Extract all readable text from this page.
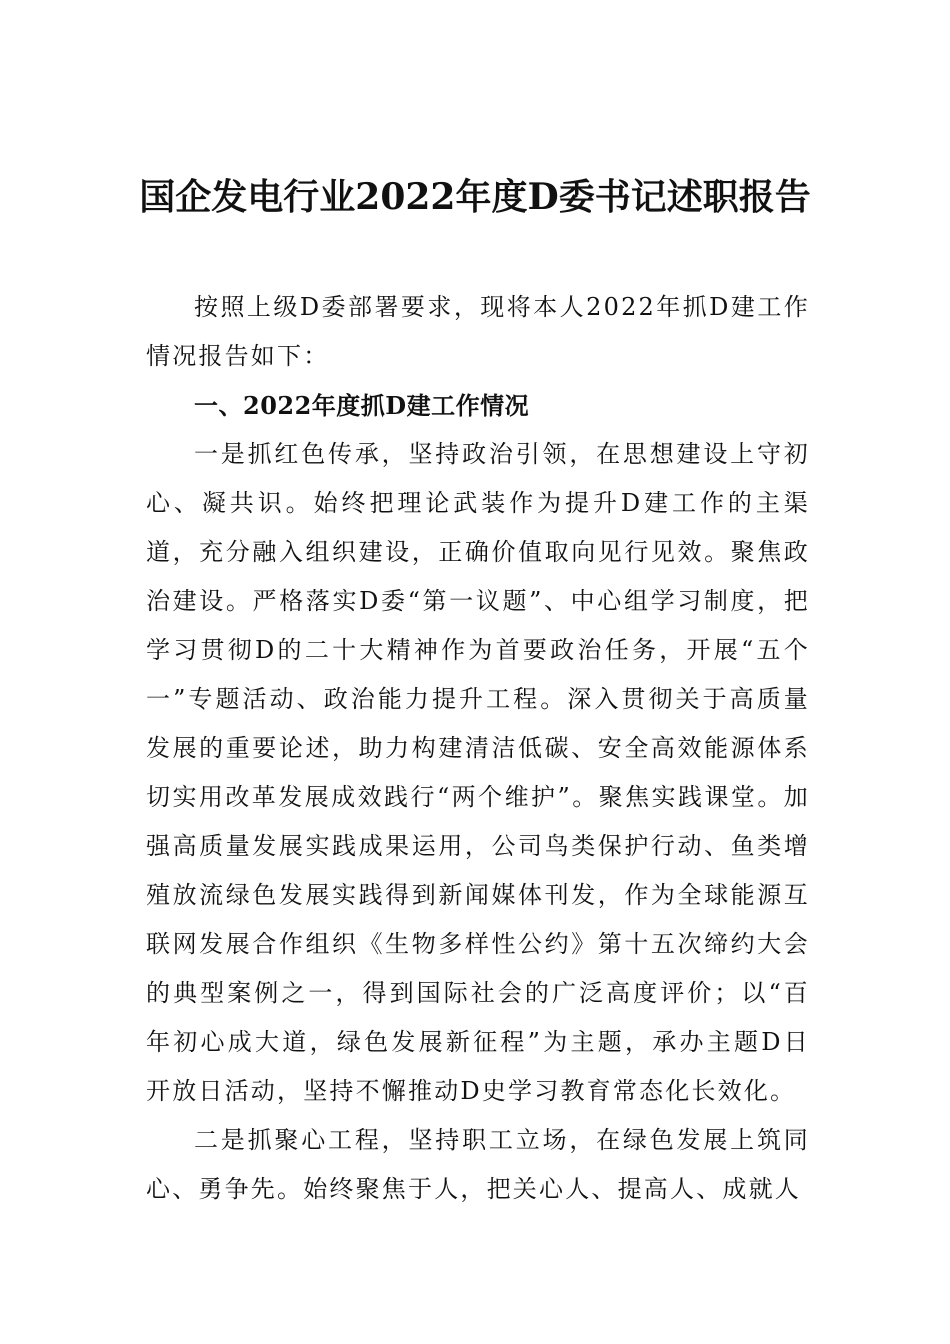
国企发电行业2022年度D委书记述职报告

按照上级D委部署要求，现将本人2022年抓D建工作情况报告如下：

一、2022年度抓D建工作情况

一是抓红色传承，坚持政治引领，在思想建设上守初心、凝共识。始终把理论武装作为提升D建工作的主渠道，充分融入组织建设，正确价值取向见行见效。聚焦政治建设。严格落实D委“第一议题”、中心组学习制度，把学习贯彻D的二十大精神作为首要政治任务，开展“五个一”专题活动、政治能力提升工程。深入贯彻关于高质量发展的重要论述，助力构建清洁低碳、安全高效能源体系切实用改革发展成效践行“两个维护”。聚焦实践课堂。加强高质量发展实践成果运用，公司鸟类保护行动、鱼类增殖放流绿色发展实践得到新闻媒体刊发，作为全球能源互联网发展合作组织《生物多样性公约》第十五次缔约大会的典型案例之一，得到国际社会的广泛高度评价；以“百年初心成大道，绿色发展新征程”为主题，承办主题D日开放日活动，坚持不懈推动D史学习教育常态化长效化。

二是抓聚心工程，坚持职工立场，在绿色发展上筑同心、勇争先。始终聚焦于人，把关心人、提高人、成就人
